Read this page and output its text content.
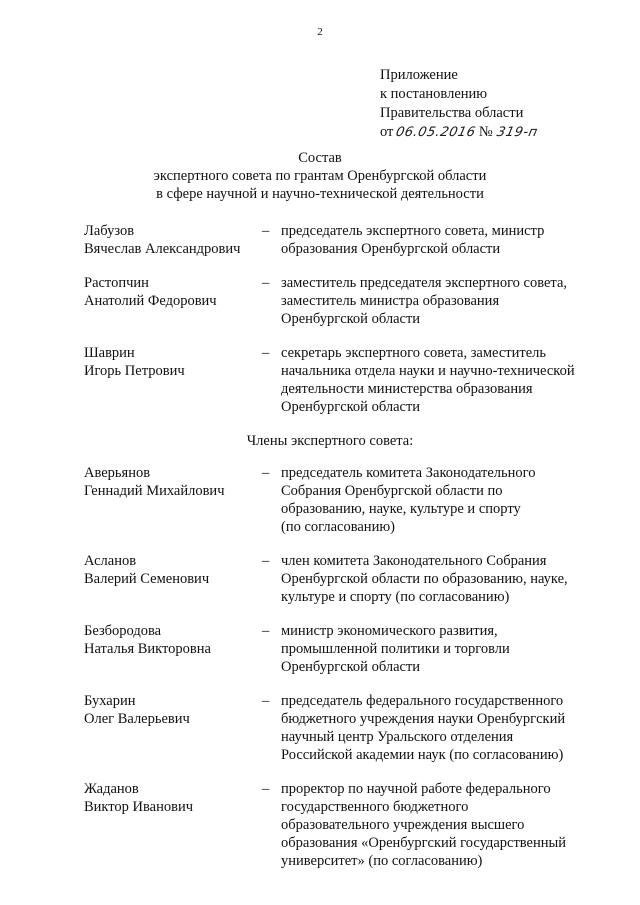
2
Приложение
к постановлению
Правительства области
от06.05.2016№ 319-п
Состав
экспертного совета по грантам Оренбургской области
в сфере научной и научно-технической деятельности
Лабузов
Вячеслав Александрович
– председатель экспертного совета, министр
образования Оренбургской области
Растопчин
Анатолий Федорович
– заместитель председателя экспертного совета,
заместитель министра образования
Оренбургской области
Шаврин
Игорь Петрович
– секретарь экспертного совета, заместитель
начальника отдела науки и научно-технической
деятельности министерства образования
Оренбургской области
Члены экспертного совета:
Аверьянов
Геннадий Михайлович
– председатель комитета Законодательного
Собрания Оренбургской области по
образованию, науке, культуре и спорту
(по согласованию)
Асланов
Валерий Семенович
– член комитета Законодательного Собрания
Оренбургской области по образованию, науке,
культуре и спорту (по согласованию)
Безбородова
Наталья Викторовна
– министр экономического развития,
промышленной политики и торговли
Оренбургской области
Бухарин
Олег Валерьевич
– председатель федерального государственного
бюджетного учреждения науки Оренбургский
научный центр Уральского отделения
Российской академии наук (по согласованию)
Жаданов
Виктор Иванович
– проректор по научной работе федерального
государственного бюджетного
образовательного учреждения высшего
образования «Оренбургский государственный
университет» (по согласованию)
